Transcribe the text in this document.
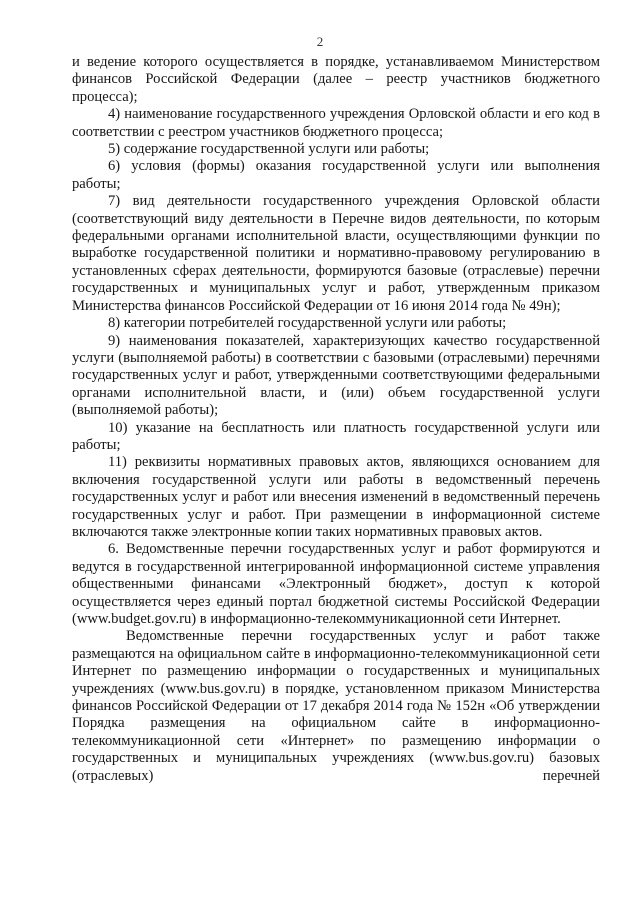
2

и ведение которого осуществляется в порядке, устанавливаемом Министерством финансов Российской Федерации (далее – реестр участников бюджетного процесса);

4) наименование государственного учреждения Орловской области и его код в соответствии с реестром участников бюджетного процесса;

5) содержание государственной услуги или работы;

6) условия (формы) оказания государственной услуги или выполнения работы;

7) вид деятельности государственного учреждения Орловской области (соответствующий виду деятельности в Перечне видов деятельности, по которым федеральными органами исполнительной власти, осуществляющими функции по выработке государственной политики и нормативно-правовому регулированию в установленных сферах деятельности, формируются базовые (отраслевые) перечни государственных и муниципальных услуг и работ, утвержденным приказом Министерства финансов Российской Федерации от 16 июня 2014 года № 49н);

8) категории потребителей государственной услуги или работы;

9) наименования показателей, характеризующих качество государственной услуги (выполняемой работы) в соответствии с базовыми (отраслевыми) перечнями государственных услуг и работ, утвержденными соответствующими федеральными органами исполнительной власти, и (или) объем государственной услуги (выполняемой работы);

10) указание на бесплатность или платность государственной услуги или работы;

11) реквизиты нормативных правовых актов, являющихся основанием для включения государственной услуги или работы в ведомственный перечень государственных услуг и работ или внесения изменений в ведомственный перечень государственных услуг и работ. При размещении в информационной системе включаются также электронные копии таких нормативных правовых актов.

6. Ведомственные перечни государственных услуг и работ формируются и ведутся в государственной интегрированной информационной системе управления общественными финансами «Электронный бюджет», доступ к которой осуществляется через единый портал бюджетной системы Российской Федерации (www.budget.gov.ru) в информационно-телекоммуникационной сети Интернет.

Ведомственные перечни государственных услуг и работ также размещаются на официальном сайте в информационно-телекоммуникационной сети Интернет по размещению информации о государственных и муниципальных учреждениях (www.bus.gov.ru) в порядке, установленном приказом Министерства финансов Российской Федерации от 17 декабря 2014 года № 152н «Об утверждении Порядка размещения на официальном сайте в информационно-телекоммуникационной сети «Интернет» по размещению информации о государственных и муниципальных учреждениях (www.bus.gov.ru) базовых (отраслевых) перечней
